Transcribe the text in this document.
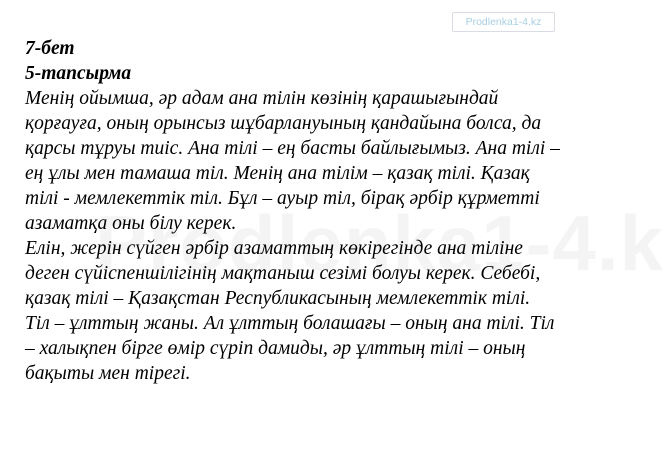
Prodlenka1-4.kz
7-бет
5-тапсырма
Менің ойымша, әр адам ана тілін көзінің қарашығындай
қорғауға, оның орынсыз шұбарлануының қандайына болса, да
қарсы тұруы тиіс. Ана тілі – ең басты байлығымыз. Ана тілі –
ең ұлы мен тамаша тіл. Менің ана тілім – қазақ тілі. Қазақ
тілі - мемлекеттік тіл. Бұл – ауыр тіл, бірақ әрбір құрметті
азаматқа оны білу керек.
Елін, жерін сүйген әрбір азаматтың көкірегінде ана тіліне
деген сүйіспеншілігінің мақтаныш сезімі болуы керек. Себебі,
қазақ тілі – Қазақстан Республикасының мемлекеттік тілі.
Тіл – ұлттың жаны. Ал ұлттың болашағы – оның ана тілі. Тіл
– халықпен бірге өмір сүріп дамиды, әр ұлттың тілі – оның
бақыты мен тірегі.
